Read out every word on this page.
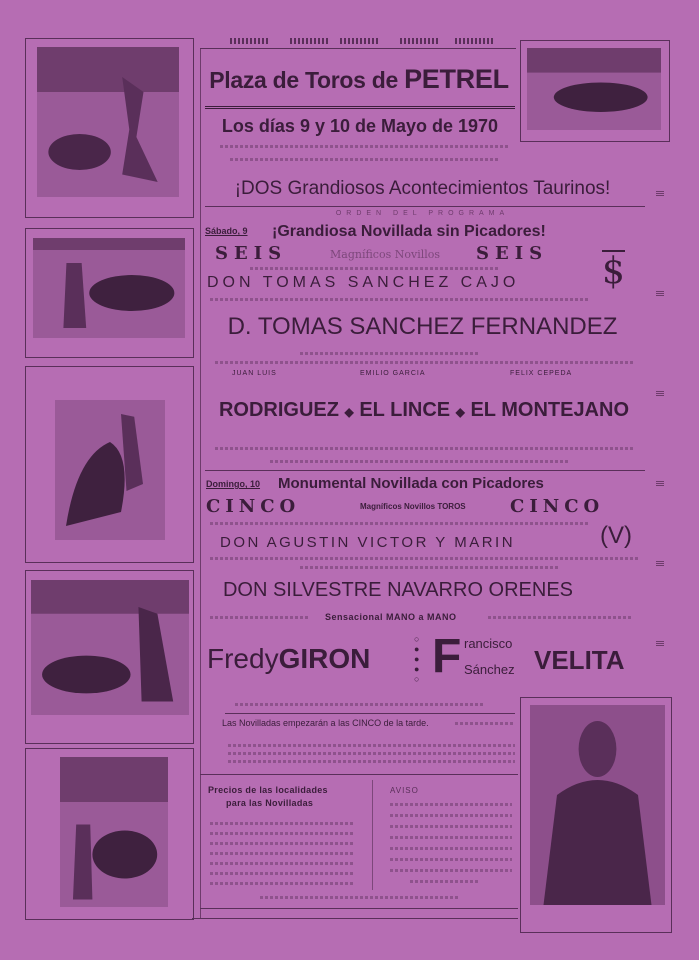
Plaza de Toros de PETREL
Los días 9 y 10 de Mayo de 1970
¡DOS Grandiosos Acontecimientos Taurinos!
ORDEN DEL PROGRAMA
Sábado, 9 ¡Grandiosa Novillada sin Picadores!
SEIS	Magníficos Novillos SEIS $
DON TOMAS SANCHEZ CAJO
D. TOMAS SANCHEZ FERNANDEZ
JUAN LUIS	EMILIO GARCIA	FELIX CEPEDA
RODRIGUEZ ◆ EL LINCE ◆ EL MONTEJANO
Domingo, 10 Monumental Novillada con Picadores
CINCO	Magníficos Novillos TOROS CINCO
(V)
DON AGUSTIN VICTOR Y MARIN
DON SILVESTRE NAVARRO ORENES
Sensacional MANO a MANO
FredyGIRON
○
●
●
●
○ F rancisco
Sánchez VELITA
Las Novilladas empezarán a las CINCO de la tarde.
Precios de las localidades
para las Novilladas
AVISO
